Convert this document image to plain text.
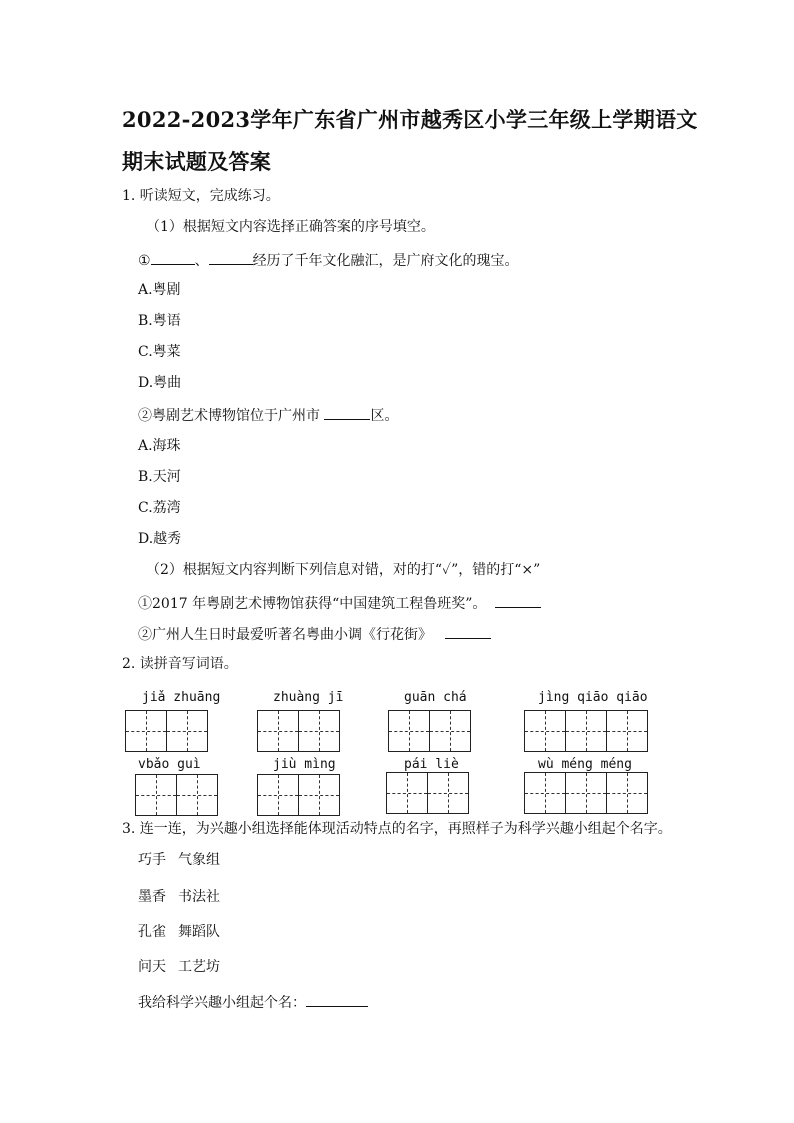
2022-2023学年广东省广州市越秀区小学三年级上学期语文
期末试题及答案
1. 听读短文，完成练习。
（1）根据短文内容选择正确答案的序号填空。
①	、	经历了千年文化融汇，是广府文化的瑰宝。
A.粤剧
B.粤语
C.粤菜
D.粤曲
②粤剧艺术博物馆位于广州市	区。
A.海珠
B.天河
C.荔湾
D.越秀
（2）根据短文内容判断下列信息对错，对的打“✓”，错的打“×”
①2017 年粤剧艺术博物馆获得“中国建筑工程鲁班奖”。
②广州人生日时最爱听著名粤曲小调《行花街》
2. 读拼音写词语。
jiǎ zhuāng	zhuàng jī	guān chá	jìng qiāo qiāo
vbǎo guì	jiù mìng	pái liè	wù méng méng
3. 连一连，为兴趣小组选择能体现活动特点的名字，再照样子为科学兴趣小组起个名字。
巧手 气象组
墨香 书法社
孔雀 舞蹈队
问天 工艺坊
我给科学兴趣小组起个名：
